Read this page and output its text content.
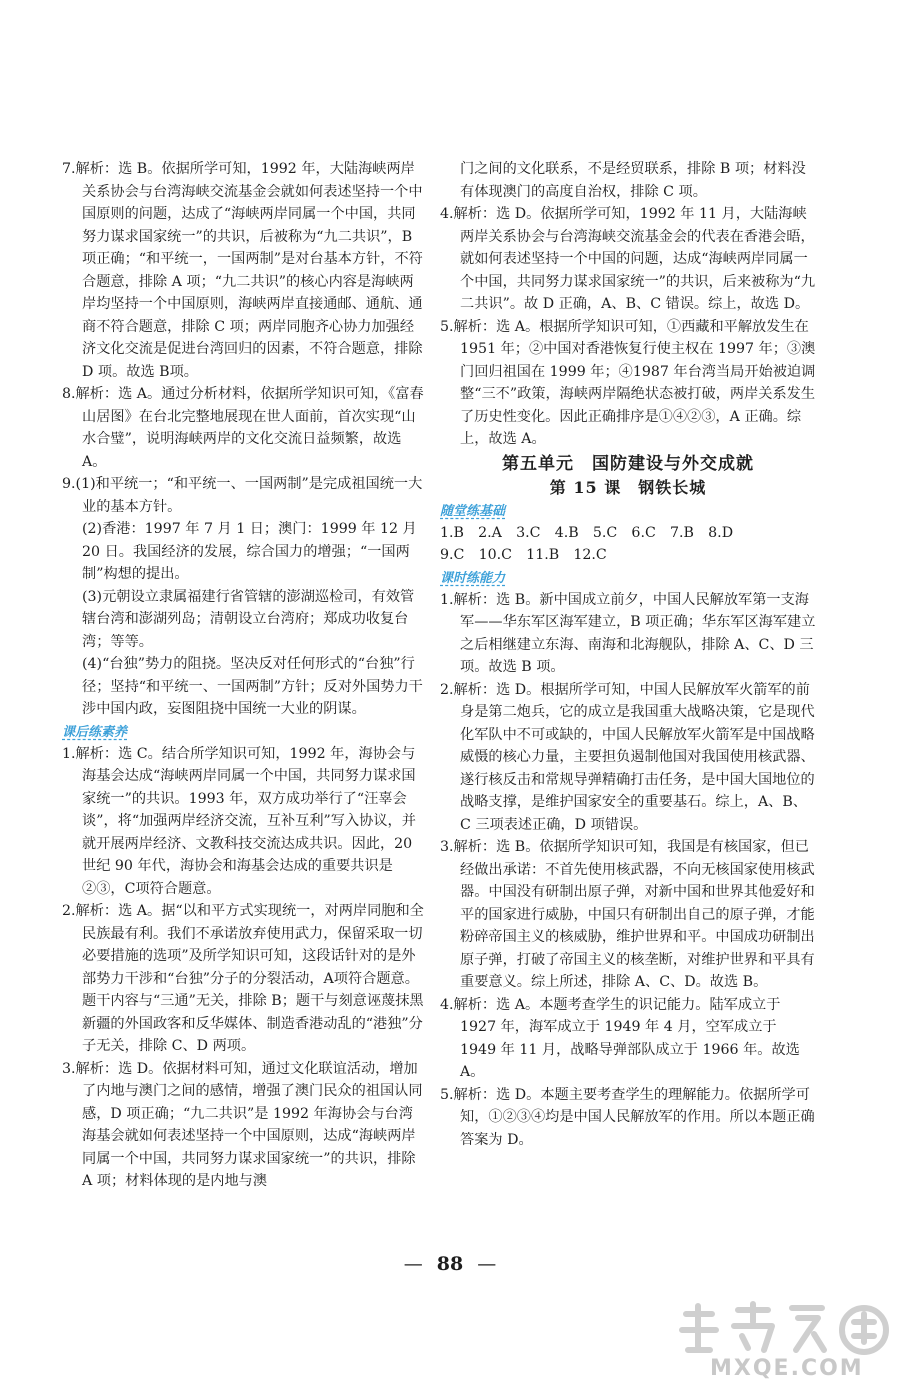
7.解析：选 B。依据所学可知，1992 年，大陆海峡两岸关系协会与台湾海峡交流基金会就如何表述坚持一个中国原则的问题，达成了“海峡两岸同属一个中国，共同努力谋求国家统一”的共识，后被称为“九二共识”，B项正确；“和平统一，一国两制”是对台基本方针，不符合题意，排除 A 项；“九二共识”的核心内容是海峡两岸均坚持一个中国原则，海峡两岸直接通邮、通航、通商不符合题意，排除 C 项；两岸同胞齐心协力加强经济文化交流是促进台湾回归的因素，不符合题意，排除 D 项。故选 B项。

8.解析：选 A。通过分析材料，依据所学知识可知，《富春山居图》在台北完整地展现在世人面前，首次实现“山水合璧”，说明海峡两岸的文化交流日益频繁，故选A。

9.(1)和平统一；“和平统一、一国两制”是完成祖国统一大业的基本方针。

(2)香港：1997 年 7 月 1 日；澳门：1999 年 12 月 20 日。我国经济的发展，综合国力的增强；“一国两制”构想的提出。

(3)元朝设立隶属福建行省管辖的澎湖巡检司，有效管辖台湾和澎湖列岛；清朝设立台湾府；郑成功收复台湾；等等。

(4)“台独”势力的阻挠。坚决反对任何形式的“台独”行径；坚持“和平统一、一国两制”方针；反对外国势力干涉中国内政，妄图阻挠中国统一大业的阴谋。

课后练素养

1.解析：选 C。结合所学知识可知，1992 年，海协会与海基会达成“海峡两岸同属一个中国，共同努力谋求国家统一”的共识。1993 年，双方成功举行了“汪辜会谈”，将“加强两岸经济交流，互补互利”写入协议，并就开展两岸经济、文教科技交流达成共识。因此，20 世纪 90 年代，海协会和海基会达成的重要共识是②③，C项符合题意。

2.解析：选 A。据“以和平方式实现统一，对两岸同胞和全民族最有利。我们不承诺放弃使用武力，保留采取一切必要措施的选项”及所学知识可知，这段话针对的是外部势力干涉和“台独”分子的分裂活动，A项符合题意。题干内容与“三通”无关，排除 B；题干与刻意诬蔑抹黑新疆的外国政客和反华媒体、制造香港动乱的“港独”分子无关，排除 C、D 两项。

3.解析：选 D。依据材料可知，通过文化联谊活动，增加了内地与澳门之间的感情，增强了澳门民众的祖国认同感，D 项正确；“九二共识”是 1992 年海协会与台湾海基会就如何表述坚持一个中国原则，达成“海峡两岸同属一个中国，共同努力谋求国家统一”的共识，排除 A 项；材料体现的是内地与澳

门之间的文化联系，不是经贸联系，排除 B 项；材料没有体现澳门的高度自治权，排除 C 项。

4.解析：选 D。依据所学可知，1992 年 11 月，大陆海峡两岸关系协会与台湾海峡交流基金会的代表在香港会晤，就如何表述坚持一个中国的问题，达成“海峡两岸同属一个中国，共同努力谋求国家统一”的共识，后来被称为“九二共识”。故 D 正确，A、B、C 错误。综上，故选 D。

5.解析：选 A。根据所学知识可知，①西藏和平解放发生在 1951 年；②中国对香港恢复行使主权在 1997 年；③澳门回归祖国在 1999 年；④1987 年台湾当局开始被迫调整“三不”政策，海峡两岸隔绝状态被打破，两岸关系发生了历史性变化。因此正确排序是①④②③，A 正确。综上，故选 A。

第五单元　国防建设与外交成就
第 15 课　钢铁长城
随堂练基础

1.B　2.A　3.C　4.B　5.C　6.C　7.B　8.D

9.C　10.C　11.B　12.C

课时练能力

1.解析：选 B。新中国成立前夕，中国人民解放军第一支海军——华东军区海军建立，B 项正确；华东军区海军建立之后相继建立东海、南海和北海舰队，排除 A、C、D 三项。故选 B 项。

2.解析：选 D。根据所学可知，中国人民解放军火箭军的前身是第二炮兵，它的成立是我国重大战略决策，它是现代化军队中不可或缺的，中国人民解放军火箭军是中国战略威慑的核心力量，主要担负遏制他国对我国使用核武器、遂行核反击和常规导弹精确打击任务，是中国大国地位的战略支撑，是维护国家安全的重要基石。综上，A、B、C 三项表述正确，D 项错误。

3.解析：选 B。依据所学知识可知，我国是有核国家，但已经做出承诺：不首先使用核武器，不向无核国家使用核武器。中国没有研制出原子弹，对新中国和世界其他爱好和平的国家进行威胁，中国只有研制出自己的原子弹，才能粉碎帝国主义的核威胁，维护世界和平。中国成功研制出原子弹，打破了帝国主义的核垄断，对维护世界和平具有重要意义。综上所述，排除 A、C、D。故选 B。

4.解析：选 A。本题考查学生的识记能力。陆军成立于 1927 年，海军成立于 1949 年 4 月，空军成立于 1949 年 11 月，战略导弹部队成立于 1966 年。故选 A。

5.解析：选 D。本题主要考查学生的理解能力。依据所学可知，①②③④均是中国人民解放军的作用。所以本题正确答案为 D。

— 88 —
MXQE.COM
